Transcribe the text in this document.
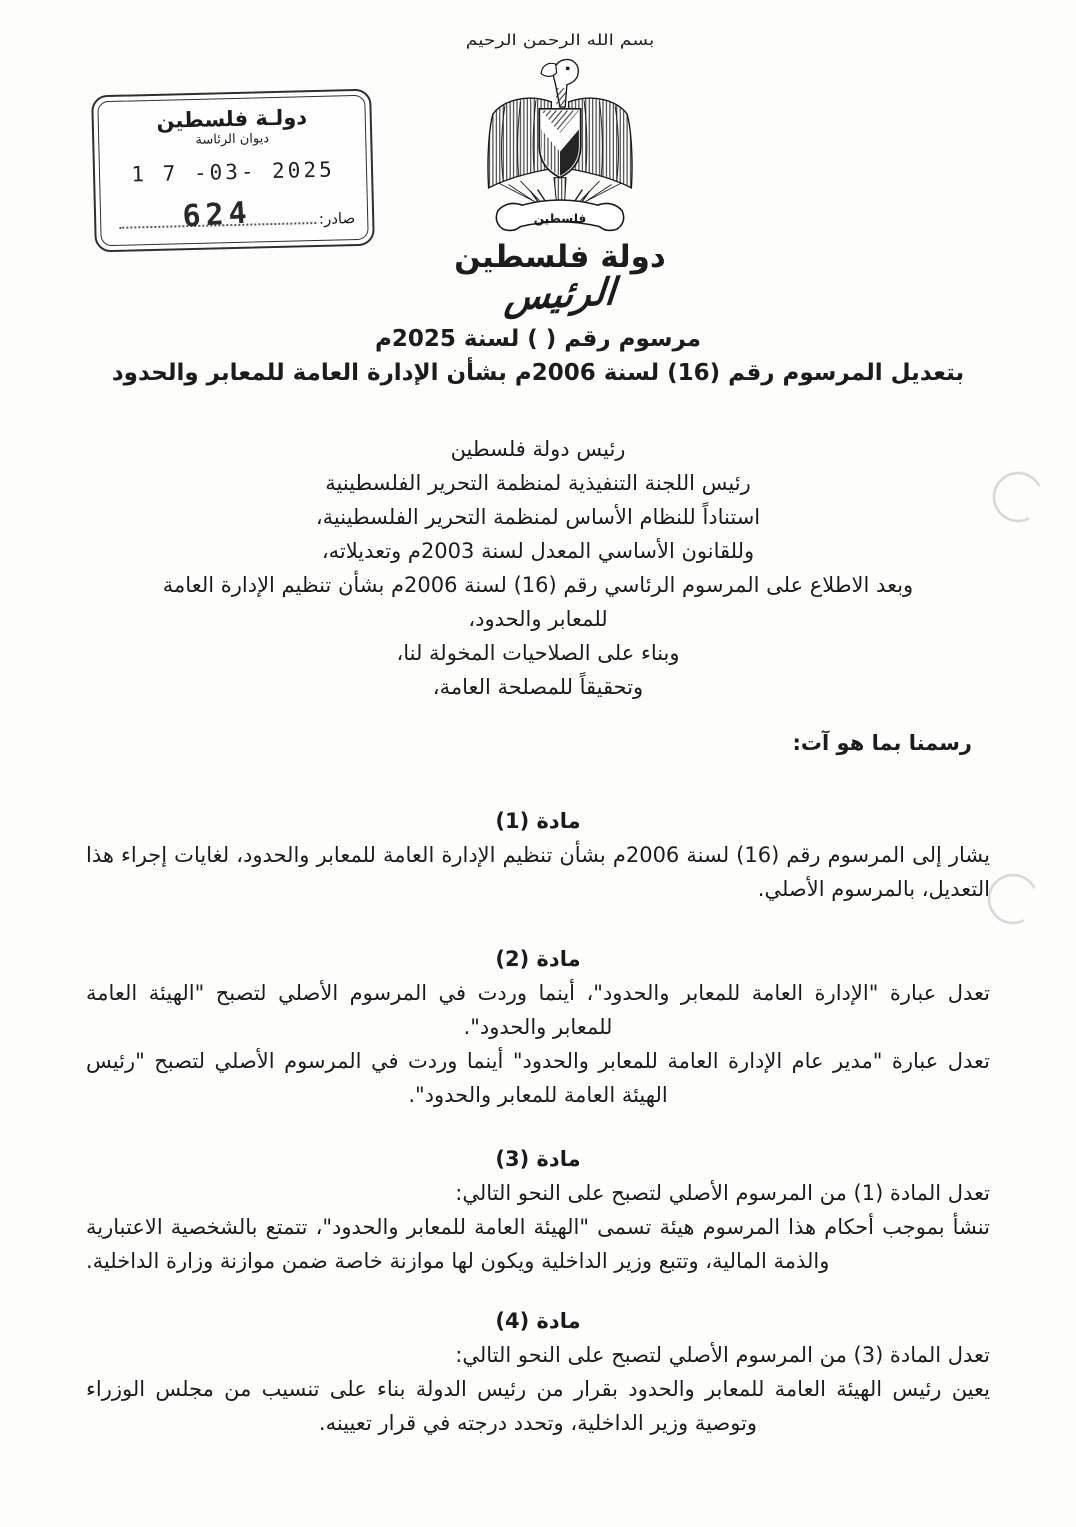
دولـة فلسطين
ديوان الرئاسة
1 7 -03- 2025
صادر:
624
بسم الله الرحمن الرحيم
فلسطين
دولة فلسطين
الرئيس
مرسوم رقم ( ) لسنة 2025م
بتعديل المرسوم رقم (16) لسنة 2006م بشأن الإدارة العامة للمعابر والحدود
رئيس دولة فلسطين
رئيس اللجنة التنفيذية لمنظمة التحرير الفلسطينية
استناداً للنظام الأساس لمنظمة التحرير الفلسطينية،
وللقانون الأساسي المعدل لسنة 2003م وتعديلاته،
وبعد الاطلاع على المرسوم الرئاسي رقم (16) لسنة 2006م بشأن تنظيم الإدارة العامة
للمعابر والحدود،
وبناء على الصلاحيات المخولة لنا،
وتحقيقاً للمصلحة العامة،
رسمنا بما هو آت:
مادة (1)

يشار إلى المرسوم رقم (16) لسنة 2006م بشأن تنظيم الإدارة العامة للمعابر والحدود، لغايات إجراء هذا التعديل، بالمرسوم الأصلي.

مادة (2)

تعدل عبارة "الإدارة العامة للمعابر والحدود"، أينما وردت في المرسوم الأصلي لتصبح "الهيئة العامة للمعابر والحدود".

تعدل عبارة "مدير عام الإدارة العامة للمعابر والحدود" أينما وردت في المرسوم الأصلي لتصبح "رئيس الهيئة العامة للمعابر والحدود".

مادة (3)

تعدل المادة (1) من المرسوم الأصلي لتصبح على النحو التالي:

تنشأ بموجب أحكام هذا المرسوم هيئة تسمى "الهيئة العامة للمعابر والحدود"، تتمتع بالشخصية الاعتبارية والذمة المالية، وتتبع وزير الداخلية ويكون لها موازنة خاصة ضمن موازنة وزارة الداخلية.

مادة (4)

تعدل المادة (3) من المرسوم الأصلي لتصبح على النحو التالي:

يعين رئيس الهيئة العامة للمعابر والحدود بقرار من رئيس الدولة بناء على تنسيب من مجلس الوزراء وتوصية وزير الداخلية، وتحدد درجته في قرار تعيينه.
